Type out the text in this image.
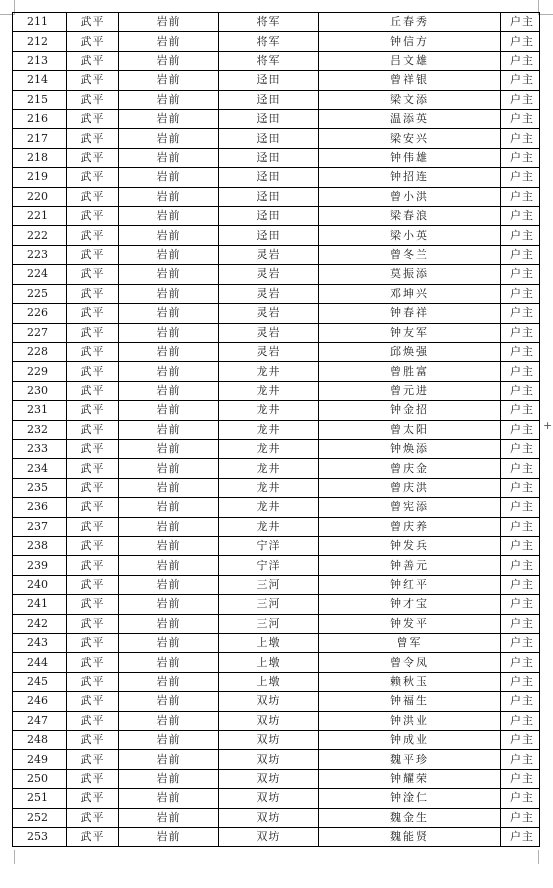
211	武平	岩前	将军	丘春秀	户主
212	武平	岩前	将军	钟信方	户主
213	武平	岩前	将军	吕文雄	户主
214	武平	岩前	迳田	曾祥银	户主
215	武平	岩前	迳田	梁文添	户主
216	武平	岩前	迳田	温添英	户主
217	武平	岩前	迳田	梁安兴	户主
218	武平	岩前	迳田	钟伟雄	户主
219	武平	岩前	迳田	钟招连	户主
220	武平	岩前	迳田	曾小洪	户主
221	武平	岩前	迳田	梁春浪	户主
222	武平	岩前	迳田	梁小英	户主
223	武平	岩前	灵岩	曾冬兰	户主
224	武平	岩前	灵岩	莫振添	户主
225	武平	岩前	灵岩	邓坤兴	户主
226	武平	岩前	灵岩	钟春祥	户主
227	武平	岩前	灵岩	钟友军	户主
228	武平	岩前	灵岩	邱焕强	户主
229	武平	岩前	龙井	曾胜富	户主
230	武平	岩前	龙井	曾元进	户主
231	武平	岩前	龙井	钟金招	户主
232	武平	岩前	龙井	曾太阳	户主
233	武平	岩前	龙井	钟焕添	户主
234	武平	岩前	龙井	曾庆金	户主
235	武平	岩前	龙井	曾庆洪	户主
236	武平	岩前	龙井	曾宪添	户主
237	武平	岩前	龙井	曾庆养	户主
238	武平	岩前	宁洋	钟发兵	户主
239	武平	岩前	宁洋	钟善元	户主
240	武平	岩前	三河	钟红平	户主
241	武平	岩前	三河	钟才宝	户主
242	武平	岩前	三河	钟发平	户主
243	武平	岩前	上墩	曾军	户主
244	武平	岩前	上墩	曾令凤	户主
245	武平	岩前	上墩	赖秋玉	户主
246	武平	岩前	双坊	钟福生	户主
247	武平	岩前	双坊	钟洪业	户主
248	武平	岩前	双坊	钟成业	户主
249	武平	岩前	双坊	魏平珍	户主
250	武平	岩前	双坊	钟耀荣	户主
251	武平	岩前	双坊	钟淦仁	户主
252	武平	岩前	双坊	魏金生	户主
253	武平	岩前	双坊	魏能贤	户主
+
